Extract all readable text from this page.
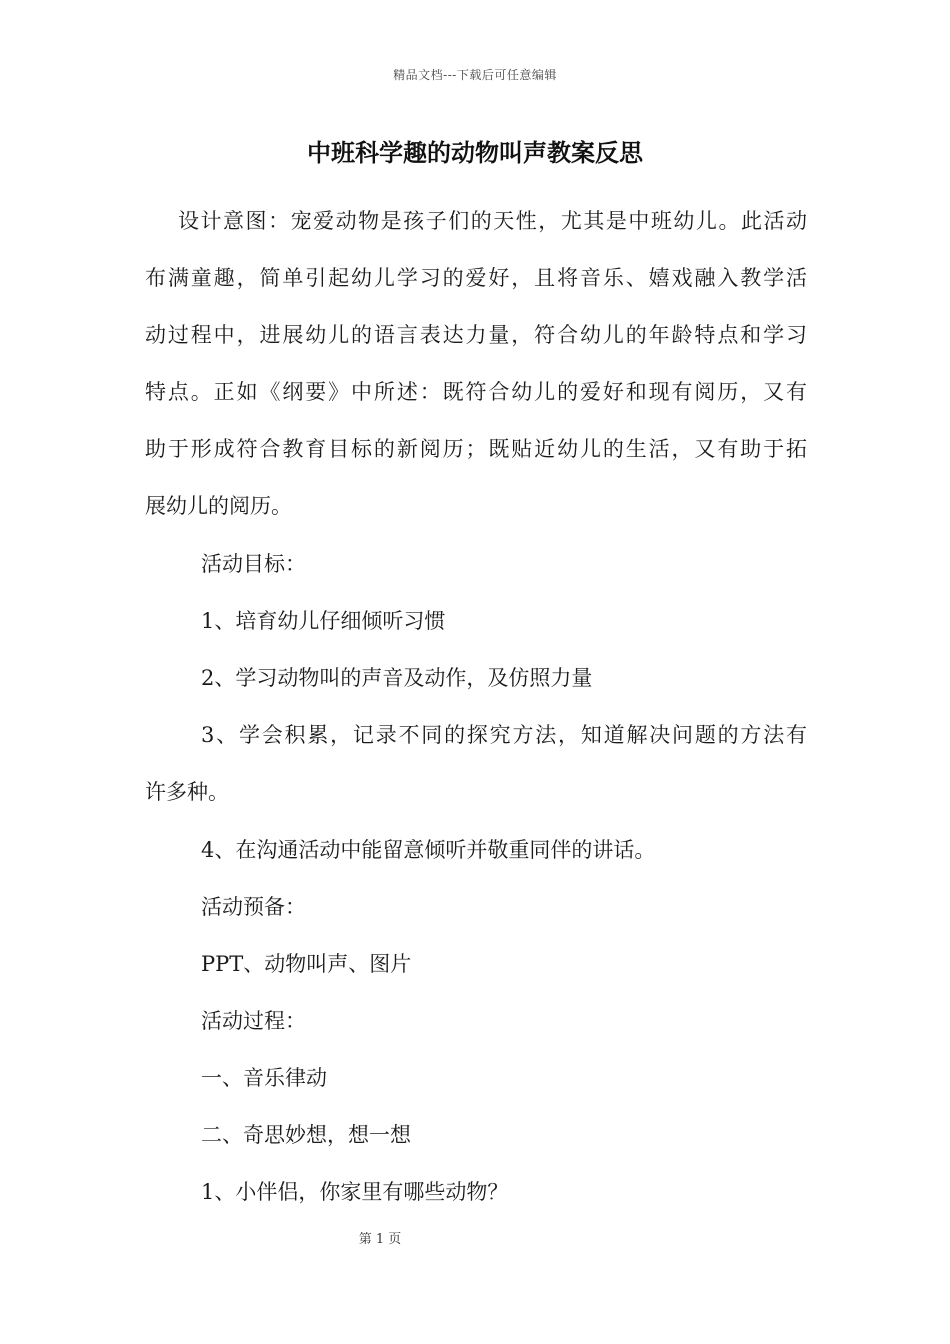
精品文档---下载后可任意编辑
中班科学趣的动物叫声教案反思
设计意图：宠爱动物是孩子们的天性，尤其是中班幼儿。此活动
布满童趣，简单引起幼儿学习的爱好，且将音乐、嬉戏融入教学活
动过程中，进展幼儿的语言表达力量，符合幼儿的年龄特点和学习
特点。正如《纲要》中所述：既符合幼儿的爱好和现有阅历，又有
助于形成符合教育目标的新阅历；既贴近幼儿的生活，又有助于拓
展幼儿的阅历。
活动目标：
1、培育幼儿仔细倾听习惯
2、学习动物叫的声音及动作，及仿照力量
3、学会积累，记录不同的探究方法，知道解决问题的方法有
许多种。
4、在沟通活动中能留意倾听并敬重同伴的讲话。
活动预备：
PPT、动物叫声、图片
活动过程：
一、音乐律动
二、奇思妙想，想一想
1、小伴侣，你家里有哪些动物？
第 1 页
